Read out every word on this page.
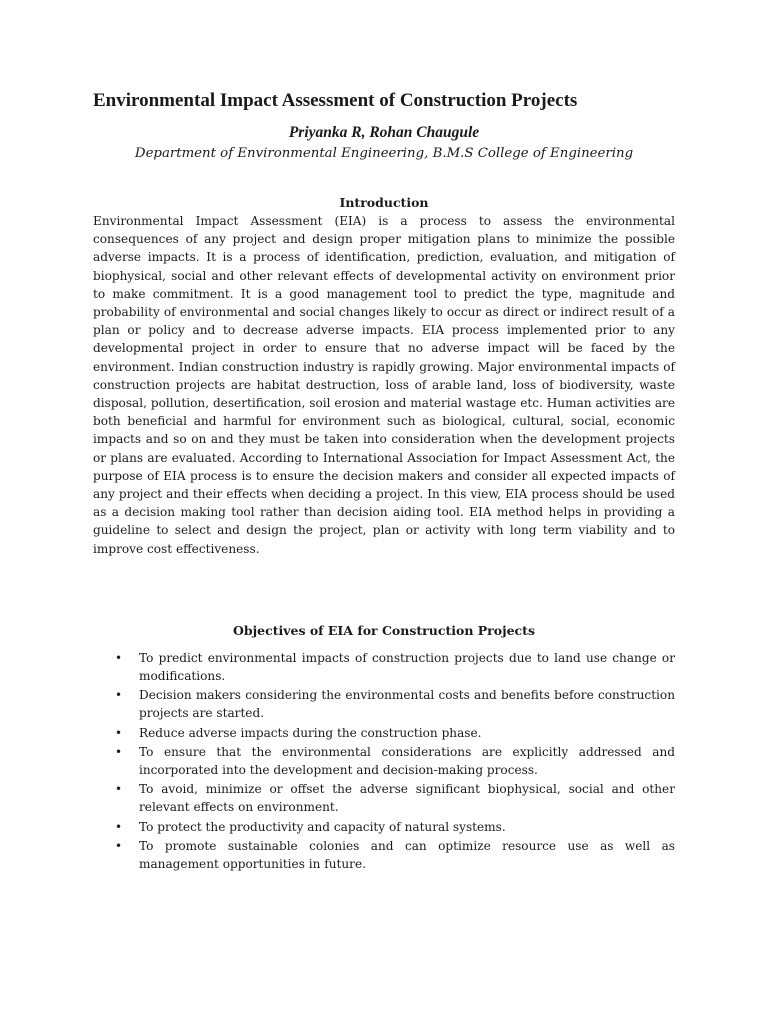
Environmental Impact Assessment of Construction Projects

Priyanka R, Rohan Chaugule

Department of Environmental Engineering, B.M.S College of Engineering

Introduction

Environmental Impact Assessment (EIA) is a process to assess the environmental consequences of any project and design proper mitigation plans to minimize the possible adverse impacts. It is a process of identification, prediction, evaluation, and mitigation of biophysical, social and other relevant effects of developmental activity on environment prior to make commitment. It is a good management tool to predict the type, magnitude and probability of environmental and social changes likely to occur as direct or indirect result of a plan or policy and to decrease adverse impacts. EIA process implemented prior to any developmental project in order to ensure that no adverse impact will be faced by the environment. Indian construction industry is rapidly growing. Major environmental impacts of construction projects are habitat destruction, loss of arable land, loss of biodiversity, waste disposal, pollution, desertification, soil erosion and material wastage etc. Human activities are both beneficial and harmful for environment such as biological, cultural, social, economic impacts and so on and they must be taken into consideration when the development projects or plans are evaluated. According to International Association for Impact Assessment Act, the purpose of EIA process is to ensure the decision makers and consider all expected impacts of any project and their effects when deciding a project. In this view, EIA process should be used as a decision making tool rather than decision aiding tool. EIA method helps in providing a guideline to select and design the project, plan or activity with long term viability and to improve cost effectiveness.

Objectives of EIA for Construction Projects
• To predict environmental impacts of construction projects due to land use change or modifications.
• Decision makers considering the environmental costs and benefits before construction projects are started.
• Reduce adverse impacts during the construction phase.
• To ensure that the environmental considerations are explicitly addressed and incorporated into the development and decision-making process.
• To avoid, minimize or offset the adverse significant biophysical, social and other relevant effects on environment.
• To protect the productivity and capacity of natural systems.
• To promote sustainable colonies and can optimize resource use as well as management opportunities in future.
